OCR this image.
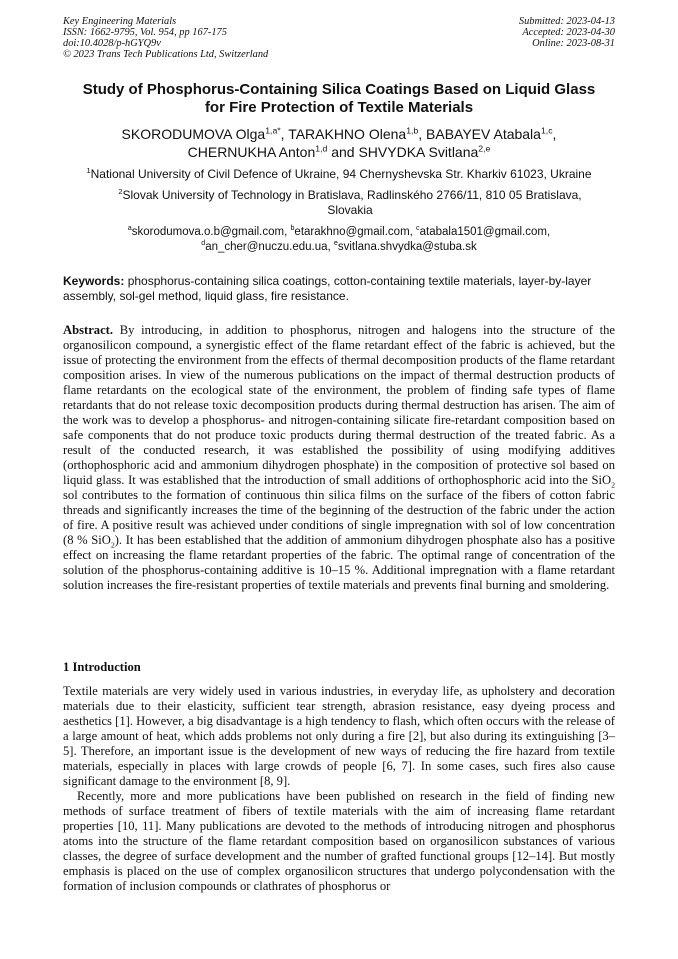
Key Engineering Materials
ISSN: 1662-9795, Vol. 954, pp 167-175
doi:10.4028/p-hGYQ9v
© 2023 Trans Tech Publications Ltd, Switzerland
Submitted: 2023-04-13
Accepted: 2023-04-30
Online: 2023-08-31
Study of Phosphorus-Containing Silica Coatings Based on Liquid Glass
for Fire Protection of Textile Materials
SKORODUMOVA Olga$^{1,a*}$, TARAKHNO Olena$^{1,b}$, BABAYEV Atabala$^{1,c}$,
CHERNUKHA Anton$^{1,d}$ and SHVYDKA Svitlana$^{2,e}$
$^1$National University of Civil Defence of Ukraine, 94 Chernyshevska Str. Kharkiv 61023, Ukraine
$^2$Slovak University of Technology in Bratislava, Radlinského 2766/11, 810 05 Bratislava, Slovakia
$^a$skorodumova.o.b@gmail.com, $^b$etarakhno@gmail.com, $^c$atabala1501@gmail.com,
$^d$an_cher@nuczu.edu.ua, $^e$svitlana.shvydka@stuba.sk
Keywords: phosphorus-containing silica coatings, cotton-containing textile materials, layer-by-layer assembly, sol-gel method, liquid glass, fire resistance.
Abstract. By introducing, in addition to phosphorus, nitrogen and halogens into the structure of the organosilicon compound, a synergistic effect of the flame retardant effect of the fabric is achieved, but the issue of protecting the environment from the effects of thermal decomposition products of the flame retardant composition arises. In view of the numerous publications on the impact of thermal destruction products of flame retardants on the ecological state of the environment, the problem of finding safe types of flame retardants that do not release toxic decomposition products during thermal destruction has arisen. The aim of the work was to develop a phosphorus- and nitrogen-containing silicate fire-retardant composition based on safe components that do not produce toxic products during thermal destruction of the treated fabric. As a result of the conducted research, it was established the possibility of using modifying additives (orthophosphoric acid and ammonium dihydrogen phosphate) in the composition of protective sol based on liquid glass. It was established that the introduction of small additions of orthophosphoric acid into the SiO$_2$ sol contributes to the formation of continuous thin silica films on the surface of the fibers of cotton fabric threads and significantly increases the time of the beginning of the destruction of the fabric under the action of fire. A positive result was achieved under conditions of single impregnation with sol of low concentration (8 % SiO$_2$). It has been established that the addition of ammonium dihydrogen phosphate also has a positive effect on increasing the flame retardant properties of the fabric. The optimal range of concentration of the solution of the phosphorus-containing additive is 10–15 %. Additional impregnation with a flame retardant solution increases the fire-resistant properties of textile materials and prevents final burning and smoldering.
1 Introduction

Textile materials are very widely used in various industries, in everyday life, as upholstery and decoration materials due to their elasticity, sufficient tear strength, abrasion resistance, easy dyeing process and aesthetics [1]. However, a big disadvantage is a high tendency to flash, which often occurs with the release of a large amount of heat, which adds problems not only during a fire [2], but also during its extinguishing [3–5]. Therefore, an important issue is the development of new ways of reducing the fire hazard from textile materials, especially in places with large crowds of people [6, 7]. In some cases, such fires also cause significant damage to the environment [8, 9].

Recently, more and more publications have been published on research in the field of finding new methods of surface treatment of fibers of textile materials with the aim of increasing flame retardant properties [10, 11]. Many publications are devoted to the methods of introducing nitrogen and phosphorus atoms into the structure of the flame retardant composition based on organosilicon substances of various classes, the degree of surface development and the number of grafted functional groups [12–14]. But mostly emphasis is placed on the use of complex organosilicon structures that undergo polycondensation with the formation of inclusion compounds or clathrates of phosphorus or
